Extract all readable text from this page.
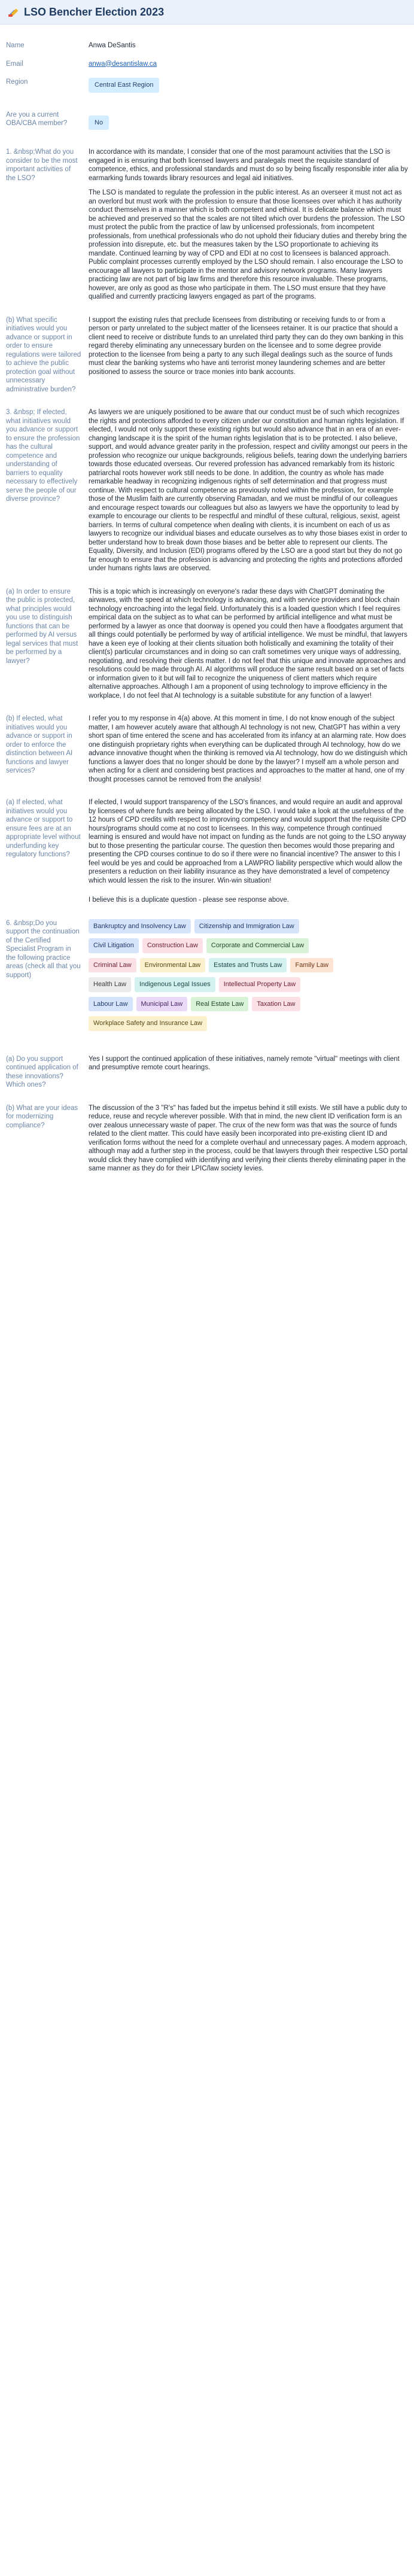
LSO Bencher Election 2023
Name	Anwa DeSantis
Email	anwa@desantislaw.ca
Region	Central East Region
Are you a current OBA/CBA member?	No
1. &nbsp;What do you consider to be the most important activities of the LSO?

In accordance with its mandate, I consider that one of the most paramount activities that the LSO is engaged in is ensuring that both licensed lawyers and paralegals meet the requisite standard of competence, ethics, and professional standards and must do so by being fiscally responsible inter alia by earmarking funds towards library resources and legal aid initiatives.

The LSO is mandated to regulate the profession in the public interest. As an overseer it must not act as an overlord but must work with the profession to ensure that those licensees over which it has authority conduct themselves in a manner which is both competent and ethical. It is delicate balance which must be achieved and preserved so that the scales are not tilted which over burdens the profession. The LSO must protect the public from the practice of law by unlicensed professionals, from incompetent professionals, from unethical professionals who do not uphold their fiduciary duties and thereby bring the profession into disrepute, etc. but the measures taken by the LSO proportionate to achieving its mandate. Continued learning by way of CPD and EDI at no cost to licensees is balanced approach. Public complaint processes currently employed by the LSO should remain. I also encourage the LSO to encourage all lawyers to participate in the mentor and advisory network programs. Many lawyers practicing law are not part of big law firms and therefore this resource invaluable. These programs, however, are only as good as those who participate in them. The LSO must ensure that they have qualified and currently practicing lawyers engaged as part of the programs.

(b) What specific initiatives would you advance or support in order to ensure regulations were tailored to achieve the public protection goal without unnecessary administrative burden?

I support the existing rules that preclude licensees from distributing or receiving funds to or from a person or party unrelated to the subject matter of the licensees retainer. It is our practice that should a client need to receive or distribute funds to an unrelated third party they can do they own banking in this regard thereby eliminating any unnecessary burden on the licensee and to some degree provide protection to the licensee from being a party to any such illegal dealings such as the source of funds must clear the banking systems who have anti terrorist money laundering schemes and are better positioned to assess the source or trace monies into bank accounts.

3. &nbsp; If elected, what initiatives would you advance or support to ensure the profession has the cultural competence and understanding of barriers to equality necessary to effectively serve the people of our diverse province?

As lawyers we are uniquely positioned to be aware that our conduct must be of such which recognizes the rights and protections afforded to every citizen under our constitution and human rights legislation. If elected, I would not only support these existing rights but would also advance that in an era of an ever-changing landscape it is the spirit of the human rights legislation that is to be protected. I also believe, support, and would advance greater parity in the profession, respect and civility amongst our peers in the profession who recognize our unique backgrounds, religious beliefs, tearing down the underlying barriers towards those educated overseas. Our revered profession has advanced remarkably from its historic patriarchal roots however work still needs to be done. In addition, the country as whole has made remarkable headway in recognizing indigenous rights of self determination and that progress must continue. With respect to cultural competence as previously noted within the profession, for example those of the Muslim faith are currently observing Ramadan, and we must be mindful of our colleagues and encourage respect towards our colleagues but also as lawyers we have the opportunity to lead by example to encourage our clients to be respectful and mindful of these cultural, religious, sexist, ageist barriers. In terms of cultural competence when dealing with clients, it is incumbent on each of us as lawyers to recognize our individual biases and educate ourselves as to why those biases exist in order to better understand how to break down those biases and be better able to represent our clients. The Equality, Diversity, and Inclusion (EDI) programs offered by the LSO are a good start but they do not go far enough to ensure that the profession is advancing and protecting the rights and protections afforded under humans rights laws are observed.

(a) In order to ensure the public is protected, what principles would you use to distinguish functions that can be performed by AI versus legal services that must be performed by a lawyer?

This is a topic which is increasingly on everyone's radar these days with ChatGPT dominating the airwaves, with the speed at which technology is advancing, and with service providers and block chain technology encroaching into the legal field. Unfortunately this is a loaded question which I feel requires empirical data on the subject as to what can be performed by artificial intelligence and what must be performed by a lawyer as once that doorway is opened you could then have a floodgates argument that all things could potentially be performed by way of artificial intelligence. We must be mindful, that lawyers have a keen eye of looking at their clients situation both holistically and examining the totality of their client(s) particular circumstances and in doing so can craft sometimes very unique ways of addressing, negotiating, and resolving their clients matter. I do not feel that this unique and innovate approaches and resolutions could be made through AI. AI algorithms will produce the same result based on a set of facts or information given to it but will fail to recognize the uniqueness of client matters which require alternative approaches. Although I am a proponent of using technology to improve efficiency in the workplace, I do not feel that AI technology is a suitable substitute for any function of a lawyer!

(b) If elected, what initiatives would you advance or support in order to enforce the distinction between AI functions and lawyer services?

I refer you to my response in 4(a) above. At this moment in time, I do not know enough of the subject matter, I am however acutely aware that although AI technology is not new, ChatGPT has within a very short span of time entered the scene and has accelerated from its infancy at an alarming rate. How does one distinguish proprietary rights when everything can be duplicated through AI technology, how do we advance innovative thought when the thinking is removed via AI technology, how do we distinguish which functions a lawyer does that no longer should be done by the lawyer? I myself am a whole person and when acting for a client and considering best practices and approaches to the matter at hand, one of my thought processes cannot be removed from the analysis!

(a) If elected, what initiatives would you advance or support to ensure fees are at an appropriate level without underfunding key regulatory functions?

If elected, I would support transparency of the LSO's finances, and would require an audit and approval by licensees of where funds are being allocated by the LSO. I would take a look at the usefulness of the 12 hours of CPD credits with respect to improving competency and would support that the requisite CPD hours/programs should come at no cost to licensees. In this way, competence through continued learning is ensured and would have not impact on funding as the funds are not going to the LSO anyway but to those presenting the particular course. The question then becomes would those preparing and presenting the CPD courses continue to do so if there were no financial incentive? The answer to this I feel would be yes and could be approached from a LAWPRO liability perspective which would allow the presenters a reduction on their liability insurance as they have demonstrated a level of competency which would lessen the risk to the insurer. Win-win situation!

I believe this is a duplicate question - please see response above.

6. &nbsp;Do you support the continuation of the Certified Specialist Program in the following practice areas (check all that you support)
Bankruptcy and Insolvency Law	Citizenship and Immigration Law
Civil Litigation	Construction Law	Corporate and Commercial Law
Criminal Law	Environmental Law	Estates and Trusts Law	Family Law
Health Law	Indigenous Legal Issues	Intellectual Property Law
Labour Law	Municipal Law	Real Estate Law	Taxation Law
Workplace Safety and Insurance Law
(a) Do you support continued application of these innovations? Which ones?

Yes I support the continued application of these initiatives, namely remote "virtual" meetings with client and presumptive remote court hearings.

(b) What are your ideas for modernizing compliance?

The discussion of the 3 "R's" has faded but the impetus behind it still exists. We still have a public duty to reduce, reuse and recycle wherever possible. With that in mind, the new client ID verification form is an over zealous unnecessary waste of paper. The crux of the new form was that was the source of funds related to the client matter. This could have easily been incorporated into pre-existing client ID and verification forms without the need for a complete overhaul and unnecessary pages. A modern approach, although may add a further step in the process, could be that lawyers through their respective LSO portal would click they have complied with identifying and verifying their clients thereby eliminating paper in the same manner as they do for their LPIC/law society levies.
